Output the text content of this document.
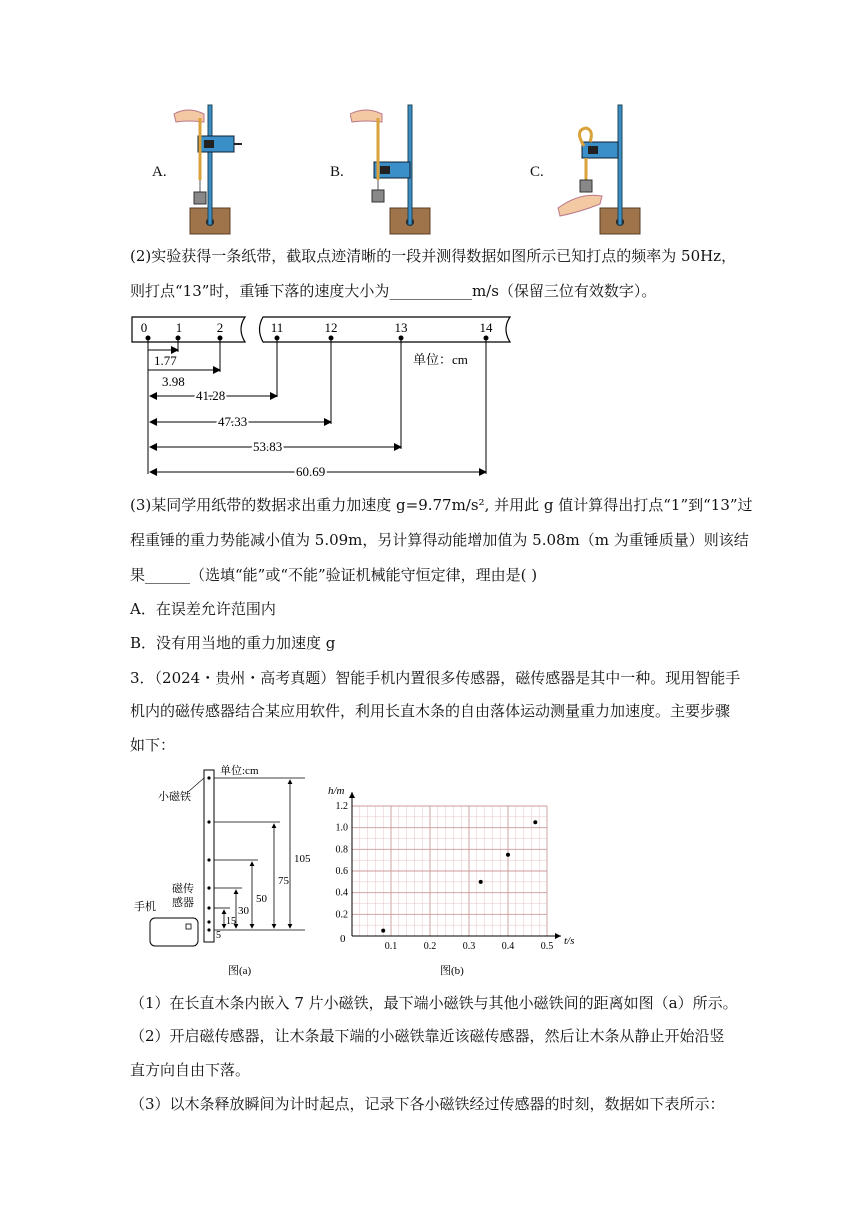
A.	B.	C.
(2)实验获得一条纸带，截取点迹清晰的一段并测得数据如图所示已知打点的频率为 50Hz，
则打点“13”时，重锤下落的速度大小为___________m/s（保留三位有效数字）。
0 1	2	11	12	13	14
单位：cm
1.77
3.98
41.28
47.33
53.83
60.69
(3)某同学用纸带的数据求出重力加速度 g=9.77m/s², 并用此 g 值计算得出打点“1”到“13”过
程重锤的重力势能减小值为 5.09m，另计算得动能增加值为 5.08m（m 为重锤质量）则该结
果______（选填“能”或“不能”验证机械能守恒定律，理由是( )
A．在误差允许范围内
B．没有用当地的重力加速度 g
3．（2024・贵州・高考真题）智能手机内置很多传感器，磁传感器是其中一种。现用智能手
机内的磁传感器结合某应用软件，利用长直木条的自由落体运动测量重力加速度。主要步骤
如下：
单位:cm
小磁铁
105
75
50
30
15
5
磁传
感器
手机
图(a)
0.1	0.2	0.3	0.4	0.5
0.2
0.4
0.6
0.8
1.0
1.2
h/m
t/s
0
图(b)
（1）在长直木条内嵌入 7 片小磁铁，最下端小磁铁与其他小磁铁间的距离如图（a）所示。
（2）开启磁传感器，让木条最下端的小磁铁靠近该磁传感器，然后让木条从静止开始沿竖
直方向自由下落。
（3）以木条释放瞬间为计时起点，记录下各小磁铁经过传感器的时刻，数据如下表所示：
